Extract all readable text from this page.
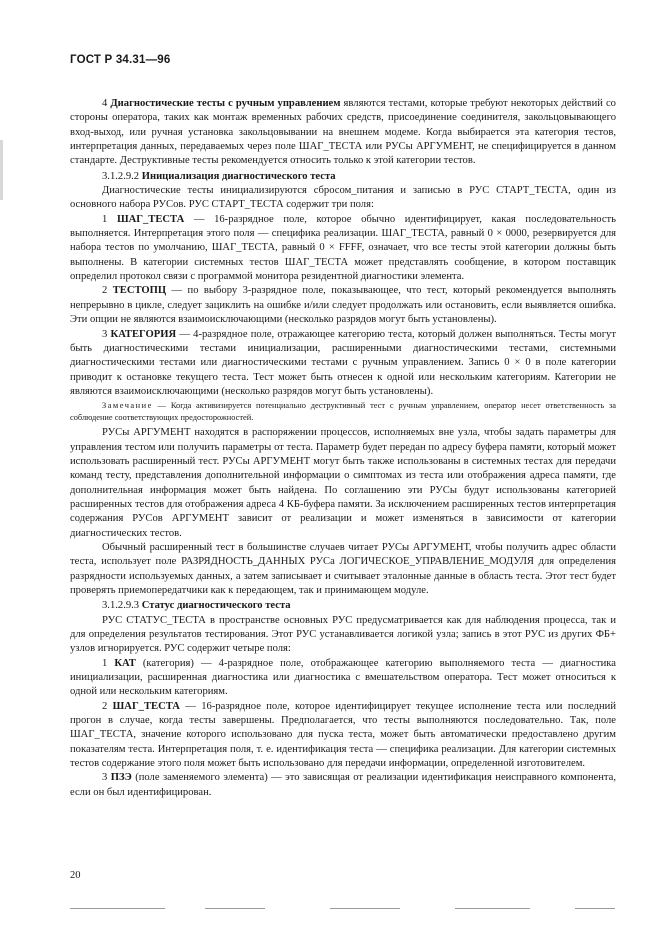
ГОСТ Р 34.31—96

4 Диагностические тесты с ручным управлением являются тестами, которые требуют некоторых действий со стороны оператора, таких как монтаж временных рабочих средств, присоединение соединителя, закольцовывающего вход-выход, или ручная установка закольцовывании на внешнем модеме. Когда выбирается эта категория тестов, интерпретация данных, передаваемых через поле ШАГ_ТЕСТА или РУСы АРГУМЕНТ, не специфицируется в данном стандарте. Деструктивные тесты рекомендуется относить только к этой категории тестов.

3.1.2.9.2 Инициализация диагностического теста

Диагностические тесты инициализируются сбросом_питания и записью в РУС СТАРТ_ТЕСТА, один из основного набора РУСов. РУС СТАРТ_ТЕСТА содержит три поля:

1 ШАГ_ТЕСТА — 16-разрядное поле, которое обычно идентифицирует, какая последовательность выполняется. Интерпретация этого поля — специфика реализации. ШАГ_ТЕСТА, равный 0 × 0000, резервируется для набора тестов по умолчанию, ШАГ_ТЕСТА, равный 0 × FFFF, означает, что все тесты этой категории должны быть выполнены. В категории системных тестов ШАГ_ТЕСТА может представлять сообщение, в котором поставщик определил протокол связи с программой монитора резидентной диагностики элемента.

2 ТЕСТОПЦ — по выбору 3-разрядное поле, показывающее, что тест, который рекомендуется выполнять непрерывно в цикле, следует зациклить на ошибке и/или следует продолжать или остановить, если выявляется ошибка. Эти опции не являются взаимоисключающими (несколько разрядов могут быть установлены).

3 КАТЕГОРИЯ — 4-разрядное поле, отражающее категорию теста, который должен выполняться. Тесты могут быть диагностическими тестами инициализации, расширенными диагностическими тестами, системными диагностическими тестами или диагностическими тестами с ручным управлением. Запись 0 × 0 в поле категории приводит к остановке текущего теста. Тест может быть отнесен к одной или нескольким категориям. Категории не являются взаимоисключающими (несколько разрядов могут быть установлены).

Замечание — Когда активизируется потенциально деструктивный тест с ручным управлением, оператор несет ответственность за соблюдение соответствующих предосторожностей.

РУСы АРГУМЕНТ находятся в распоряжении процессов, исполняемых вне узла, чтобы задать параметры для управления тестом или получить параметры от теста. Параметр будет передан по адресу буфера памяти, который может использовать расширенный тест. РУСы АРГУМЕНТ могут быть также использованы в системных тестах для передачи команд тесту, представления дополнительной информации о симптомах из теста или отображения адреса памяти, где дополнительная информация может быть найдена. По соглашению эти РУСы будут использованы категорией расширенных тестов для отображения адреса 4 КБ-буфера памяти. За исключением расширенных тестов интерпретация содержания РУСов АРГУМЕНТ зависит от реализации и может изменяться в зависимости от категории диагностических тестов.

Обычный расширенный тест в большинстве случаев читает РУСы АРГУМЕНТ, чтобы получить адрес области теста, использует поле РАЗРЯДНОСТЬ_ДАННЫХ РУСа ЛОГИЧЕСКОЕ_УПРАВЛЕНИЕ_МОДУЛЯ для определения разрядности используемых данных, а затем записывает и считывает эталонные данные в область теста. Этот тест будет проверять приемопередатчики как к передающем, так и принимающем модуле.

3.1.2.9.3 Статус диагностического теста

РУС СТАТУС_ТЕСТА в пространстве основных РУС предусматривается как для наблюдения процесса, так и для определения результатов тестирования. Этот РУС устанавливается логикой узла; запись в этот РУС из других ФБ+ узлов игнорируется. РУС содержит четыре поля:

1 КАТ (категория) — 4-разрядное поле, отображающее категорию выполняемого теста — диагностика инициализации, расширенная диагностика или диагностика с вмешательством оператора. Тест может относиться к одной или нескольким категориям.

2 ШАГ_ТЕСТА — 16-разрядное поле, которое идентифицирует текущее исполнение теста или последний прогон в случае, когда тесты завершены. Предполагается, что тесты выполняются последовательно. Так, поле ШАГ_ТЕСТА, значение которого использовано для пуска теста, может быть автоматически предоставлено другим показателям теста. Интерпретация поля, т. е. идентификация теста — специфика реализации. Для категории системных тестов содержание этого поля может быть использовано для передачи информации, определенной изготовителем.

3 ПЗЭ (поле заменяемого элемента) — это зависящая от реализации идентификация неисправного компонента, если он был идентифицирован.

20
